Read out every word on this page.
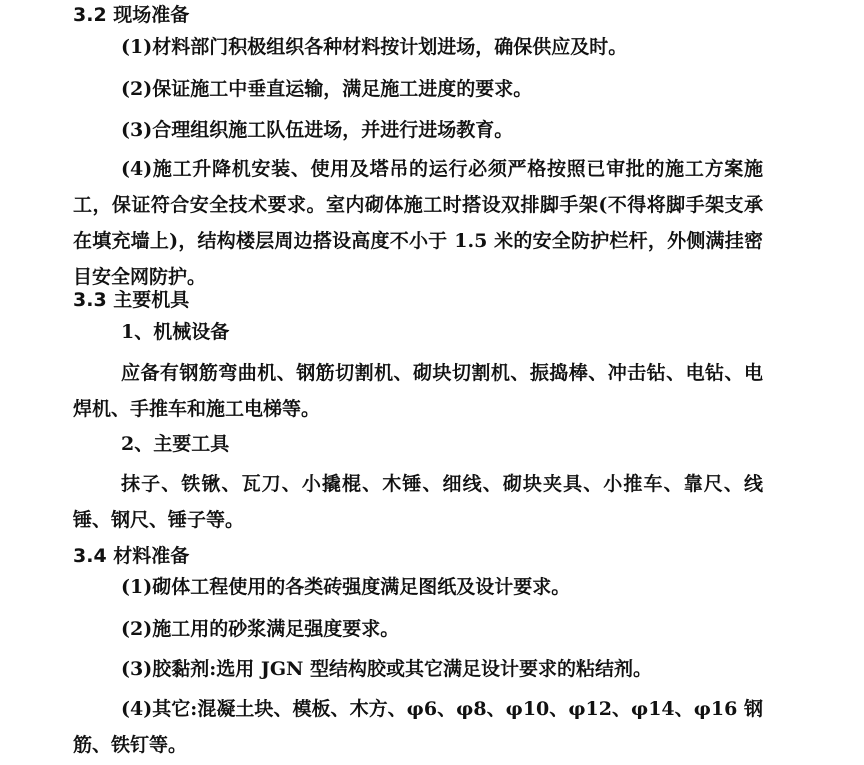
3.2 现场准备
(1)材料部门积极组织各种材料按计划进场，确保供应及时。
(2)保证施工中垂直运输，满足施工进度的要求。
(3)合理组织施工队伍进场，并进行进场教育。
(4)施工升降机安装、使用及塔吊的运行必须严格按照已审批的施工方案施工，保证符合安全技术要求。室内砌体施工时搭设双排脚手架(不得将脚手架支承在填充墙上)，结构楼层周边搭设高度不小于 1.5 米的安全防护栏杆，外侧满挂密目安全网防护。
3.3 主要机具
1、机械设备
应备有钢筋弯曲机、钢筋切割机、砌块切割机、振捣棒、冲击钻、电钻、电焊机、手推车和施工电梯等。
2、主要工具
抹子、铁锹、瓦刀、小撬棍、木锤、细线、砌块夹具、小推车、靠尺、线锤、钢尺、锤子等。
3.4 材料准备
(1)砌体工程使用的各类砖强度满足图纸及设计要求。
(2)施工用的砂浆满足强度要求。
(3)胶黏剂:选用 JGN 型结构胶或其它满足设计要求的粘结剂。
(4)其它:混凝土块、模板、木方、φ6、φ8、φ10、φ12、φ14、φ16 钢筋、铁钉等。
